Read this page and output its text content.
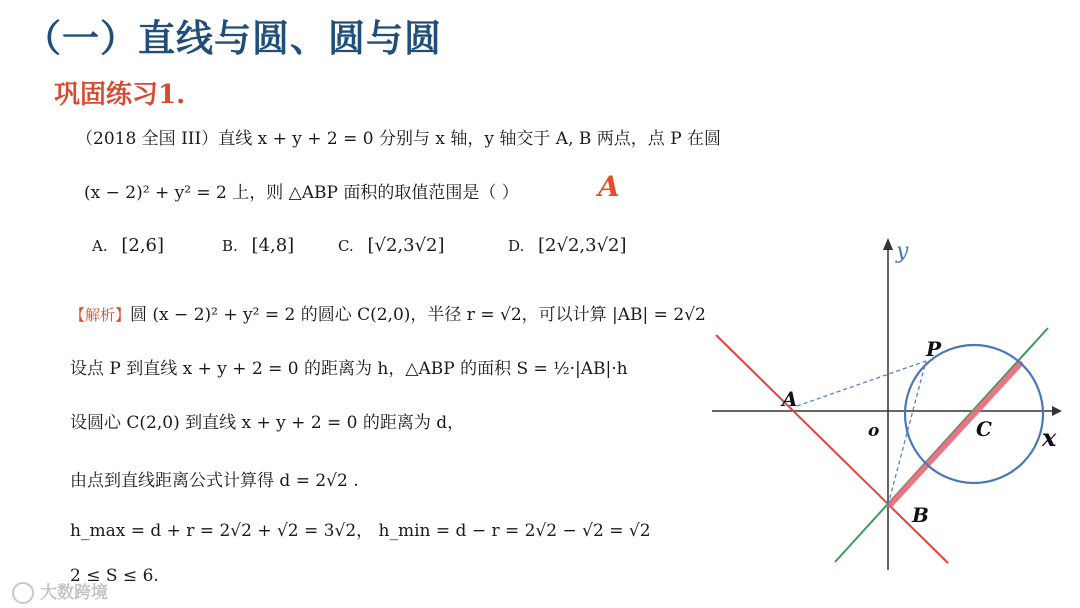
（一）直线与圆、圆与圆
巩固练习1.
（2018 全国 III）直线 x + y + 2 = 0 分别与 x 轴，y 轴交于 A, B 两点，点 P 在圆
(x − 2)² + y² = 2 上，则 △ABP 面积的取值范围是（ ）	A
A. [2,6]	B. [4,8]	C. [√2,3√2]	D. [2√2,3√2]
【解析】圆 (x − 2)² + y² = 2 的圆心 C(2,0)，半径 r = √2，可以计算 |AB| = 2√2
设点 P 到直线 x + y + 2 = 0 的距离为 h，△ABP 的面积 S = ½·|AB|·h
设圆心 C(2,0) 到直线 x + y + 2 = 0 的距离为 d，
由点到直线距离公式计算得 d = 2√2 .
h_max = d + r = 2√2 + √2 = 3√2， h_min = d − r = 2√2 − √2 = √2
2 ≤ S ≤ 6.
A
B
C
P
o	x
y
大数跨境
